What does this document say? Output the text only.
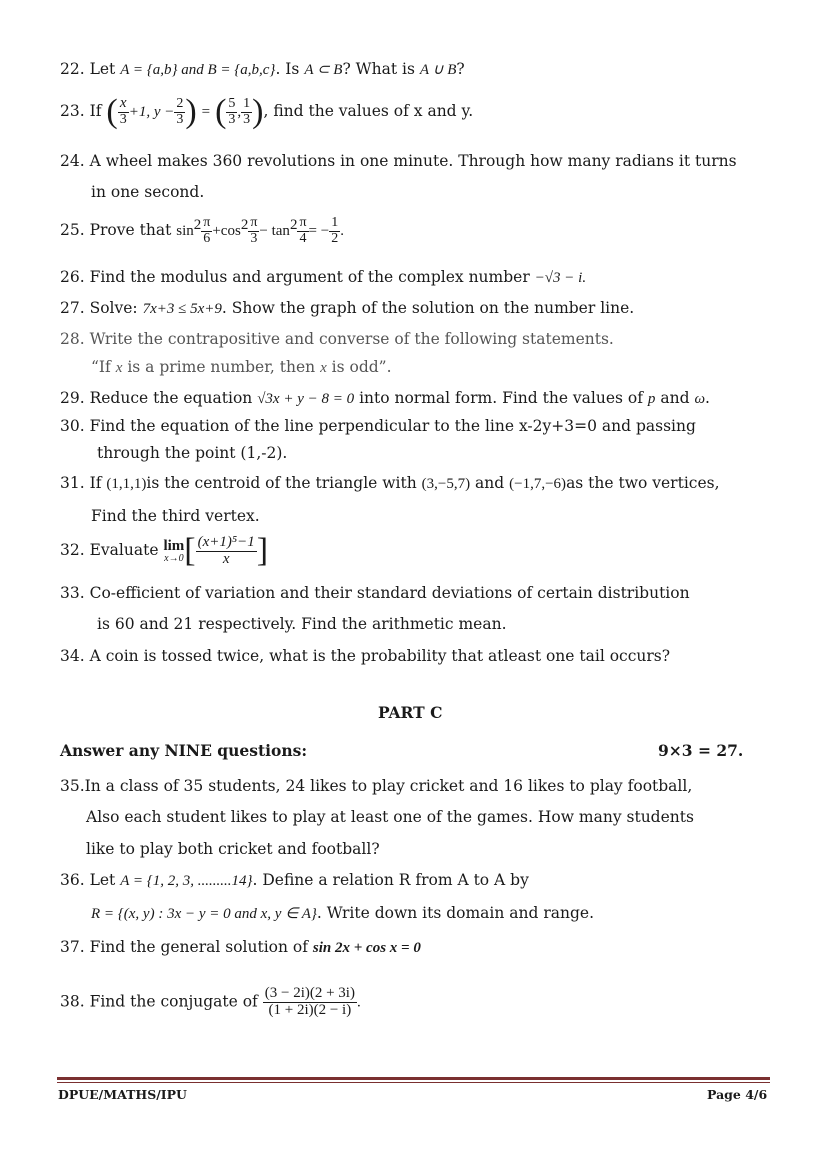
22. Let A = {a,b} and B = {a,b,c}. Is A ⊂ B? What is A ∪ B?
23. If ( $\frac{x}{3} +1$, $y - \frac{2}{3}$ ) = ( $\frac{5}{3}$ , $\frac{1}{3}$ ), find the values of x and y.
24. A wheel makes 360 revolutions in one minute. Through how many radians it turns
in one second.
25. Prove that $\sin^2 \frac{\pi}{6} +\cos^2 \frac{\pi}{3} - \tan^2 \frac{\pi}{4}$ = − $\frac{1}{2}$ .
26. Find the modulus and argument of the complex number −√3 − i.
27. Solve: 7x+3 ≤ 5x+9. Show the graph of the solution on the number line.
28. Write the contrapositive and converse of the following statements.
“If x is a prime number, then x is odd”.
29. Reduce the equation √3x + y − 8 = 0 into normal form. Find the values of p and ω.
30. Find the equation of the line perpendicular to the line x-2y+3=0 and passing
through the point (1,-2).
31. If (1,1,1)is the centroid of the triangle with (3,−5,7) and (−1,7,−6)as the two vertices,
Find the third vertex.
32. Evaluate lim
x→0 [ $\frac{\text{(x+1)⁵−1}}{x}$ ]
33. Co-efficient of variation and their standard deviations of certain distribution
is 60 and 21 respectively. Find the arithmetic mean.
34. A coin is tossed twice, what is the probability that atleast one tail occurs?
PART C
Answer any NINE questions:	9×3 = 27.
35.In a class of 35 students, 24 likes to play cricket and 16 likes to play football,
Also each student likes to play at least one of the games. How many students
like to play both cricket and football?
36. Let A = {1, 2, 3, .........14}. Define a relation R from A to A by
R = {(x, y) : 3x − y = 0 and x, y ∈ A}. Write down its domain and range.
37. Find the general solution of sin 2x + cos x = 0
38. Find the conjugate of $\frac{(3 - 2i)(2 + 3i)}{(1 + 2i)(2 - i)}$ .
DPUE/MATHS/IPU	Page 4/6
